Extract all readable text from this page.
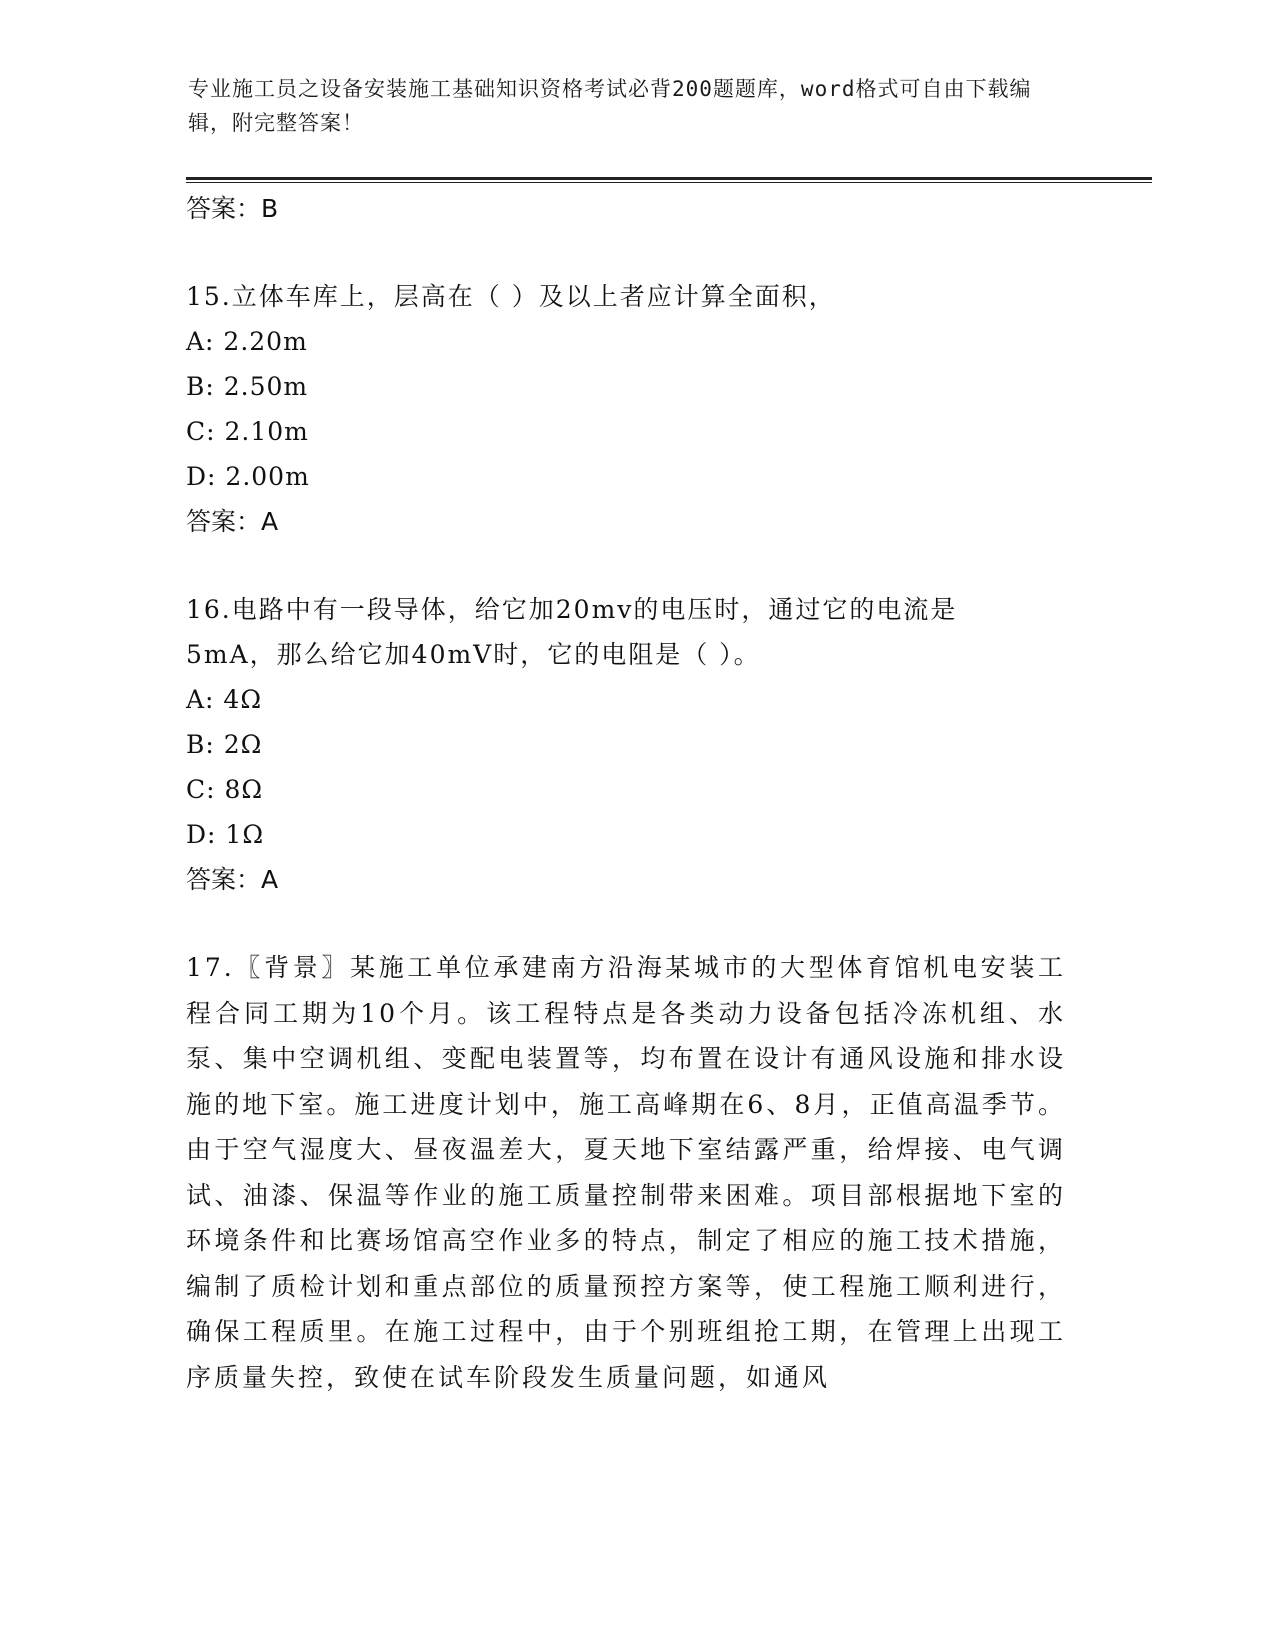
专业施工员之设备安装施工基础知识资格考试必背200题题库，word格式可自由下载编辑，附完整答案！
答案：B
15.立体车库上，层高在（ ）及以上者应计算全面积，
A: 2.20m
B: 2.50m
C: 2.10m
D: 2.00m
答案：A
16.电路中有一段导体，给它加20mv的电压时，通过它的电流是5mA，那么给它加40mV时，它的电阻是（ ）。
A: 4Ω
B: 2Ω
C: 8Ω
D: 1Ω
答案：A
17.〖背景〗某施工单位承建南方沿海某城市的大型体育馆机电安装工程合同工期为10个月。该工程特点是各类动力设备包括冷冻机组、水泵、集中空调机组、变配电装置等，均布置在设计有通风设施和排水设施的地下室。施工进度计划中，施工高峰期在6、8月，正值高温季节。由于空气湿度大、昼夜温差大，夏天地下室结露严重，给焊接、电气调试、油漆、保温等作业的施工质量控制带来困难。项目部根据地下室的环境条件和比赛场馆高空作业多的特点，制定了相应的施工技术措施，编制了质检计划和重点部位的质量预控方案等，使工程施工顺利进行，确保工程质里。在施工过程中，由于个别班组抢工期，在管理上出现工序质量失控，致使在试车阶段发生质量问题，如通风
